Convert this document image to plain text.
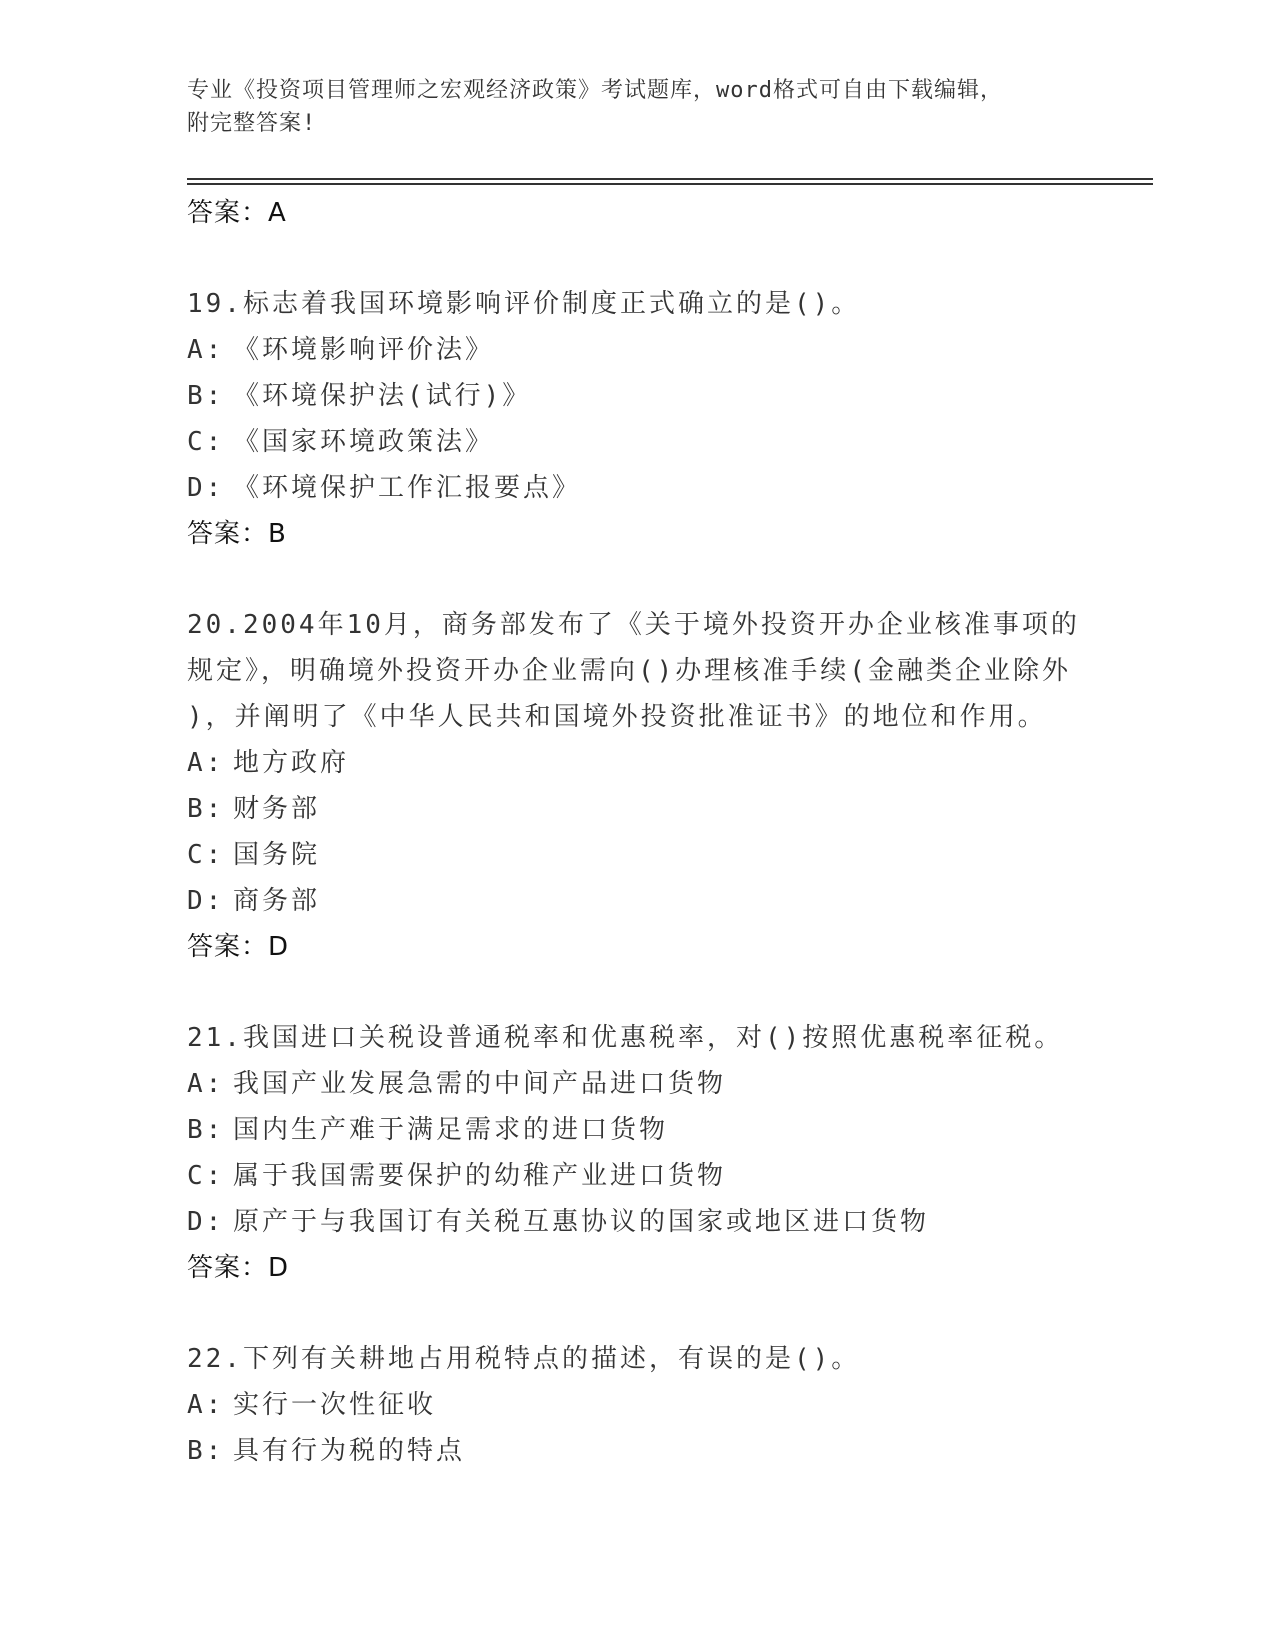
专业《投资项目管理师之宏观经济政策》考试题库，word格式可自由下载编辑，
附完整答案!
答案：A

19.标志着我国环境影响评价制度正式确立的是()。

A: 《环境影响评价法》
B: 《环境保护法(试行)》
C: 《国家环境政策法》
D: 《环境保护工作汇报要点》
答案：B

20.2004年10月，商务部发布了《关于境外投资开办企业核准事项的

规定》，明确境外投资开办企业需向()办理核准手续(金融类企业除外

)，并阐明了《中华人民共和国境外投资批准证书》的地位和作用。

A: 地方政府
B: 财务部
C: 国务院
D: 商务部
答案：D

21.我国进口关税设普通税率和优惠税率，对()按照优惠税率征税。

A: 我国产业发展急需的中间产品进口货物
B: 国内生产难于满足需求的进口货物
C: 属于我国需要保护的幼稚产业进口货物
D: 原产于与我国订有关税互惠协议的国家或地区进口货物
答案：D

22.下列有关耕地占用税特点的描述，有误的是()。

A: 实行一次性征收
B: 具有行为税的特点
